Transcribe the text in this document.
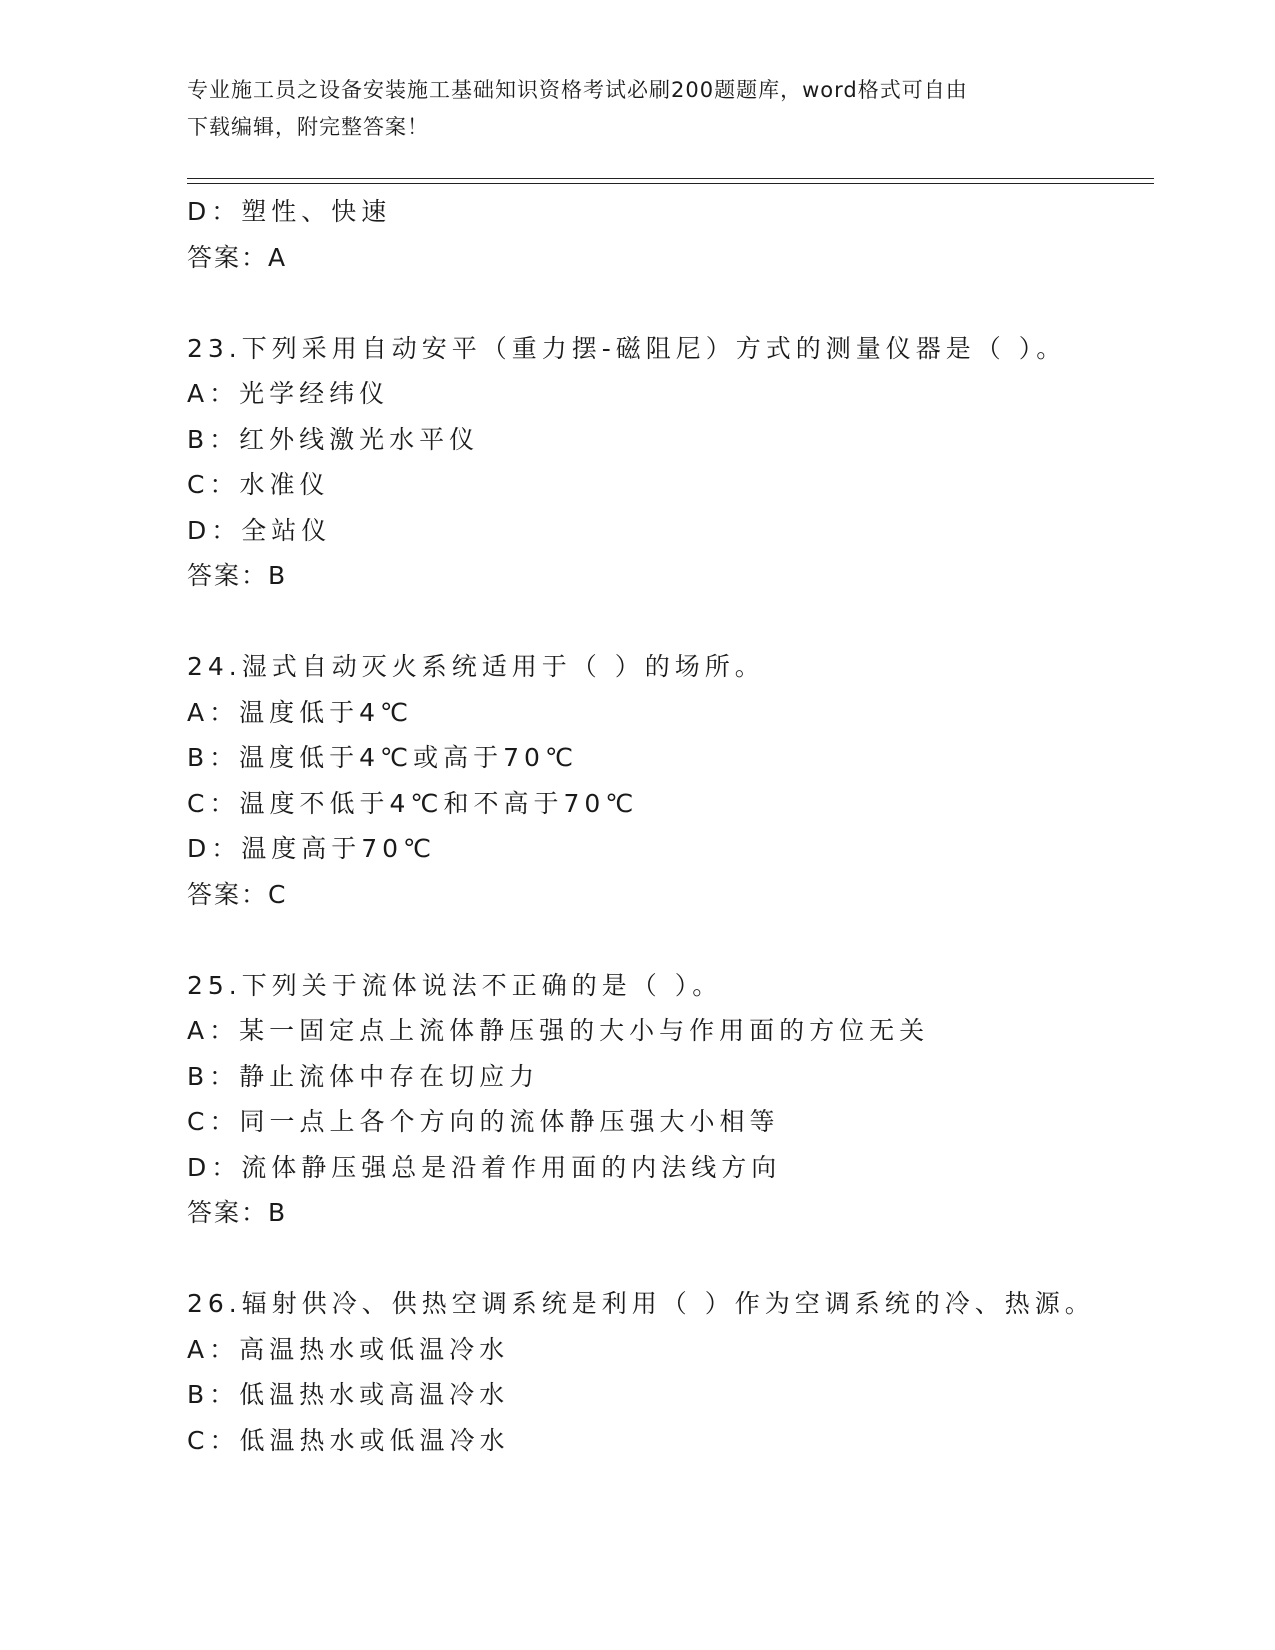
专业施工员之设备安装施工基础知识资格考试必刷200题题库，word格式可自由
下载编辑，附完整答案！
D：塑性、快速
答案：A
23.下列采用自动安平（重力摆-磁阻尼）方式的测量仪器是（ ）。
A：光学经纬仪
B：红外线激光水平仪
C：水准仪
D：全站仪
答案：B
24.湿式自动灭火系统适用于（ ）的场所。
A：温度低于4℃
B：温度低于4℃或高于70℃
C：温度不低于4℃和不高于70℃
D：温度高于70℃
答案：C
25.下列关于流体说法不正确的是（ ）。
A：某一固定点上流体静压强的大小与作用面的方位无关
B：静止流体中存在切应力
C：同一点上各个方向的流体静压强大小相等
D：流体静压强总是沿着作用面的内法线方向
答案：B
26.辐射供冷、供热空调系统是利用（ ）作为空调系统的冷、热源。
A：高温热水或低温冷水
B：低温热水或高温冷水
C：低温热水或低温冷水
